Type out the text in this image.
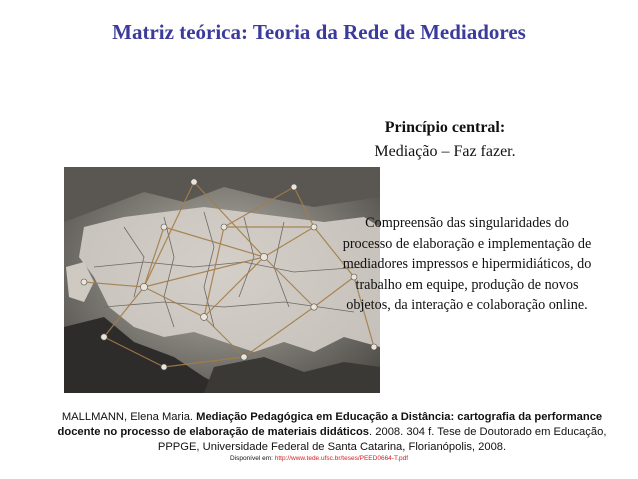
Matriz teórica: Teoria da Rede de Mediadores
Princípio central:
Mediação – Faz fazer.
Compreensão das singularidades do processo de elaboração e implementação de mediadores impressos e hipermidiáticos, do trabalho em equipe, produção de novos objetos, da interação e colaboração online.
MALLMANN, Elena Maria. Mediação Pedagógica em Educação a Distância: cartografia da performance docente no processo de elaboração de materiais didáticos. 2008. 304 f. Tese de Doutorado em Educação, PPPGE, Universidade Federal de Santa Catarina, Florianópolis, 2008.
Disponível em: http://www.tede.ufsc.br/teses/PEED0664-T.pdf
